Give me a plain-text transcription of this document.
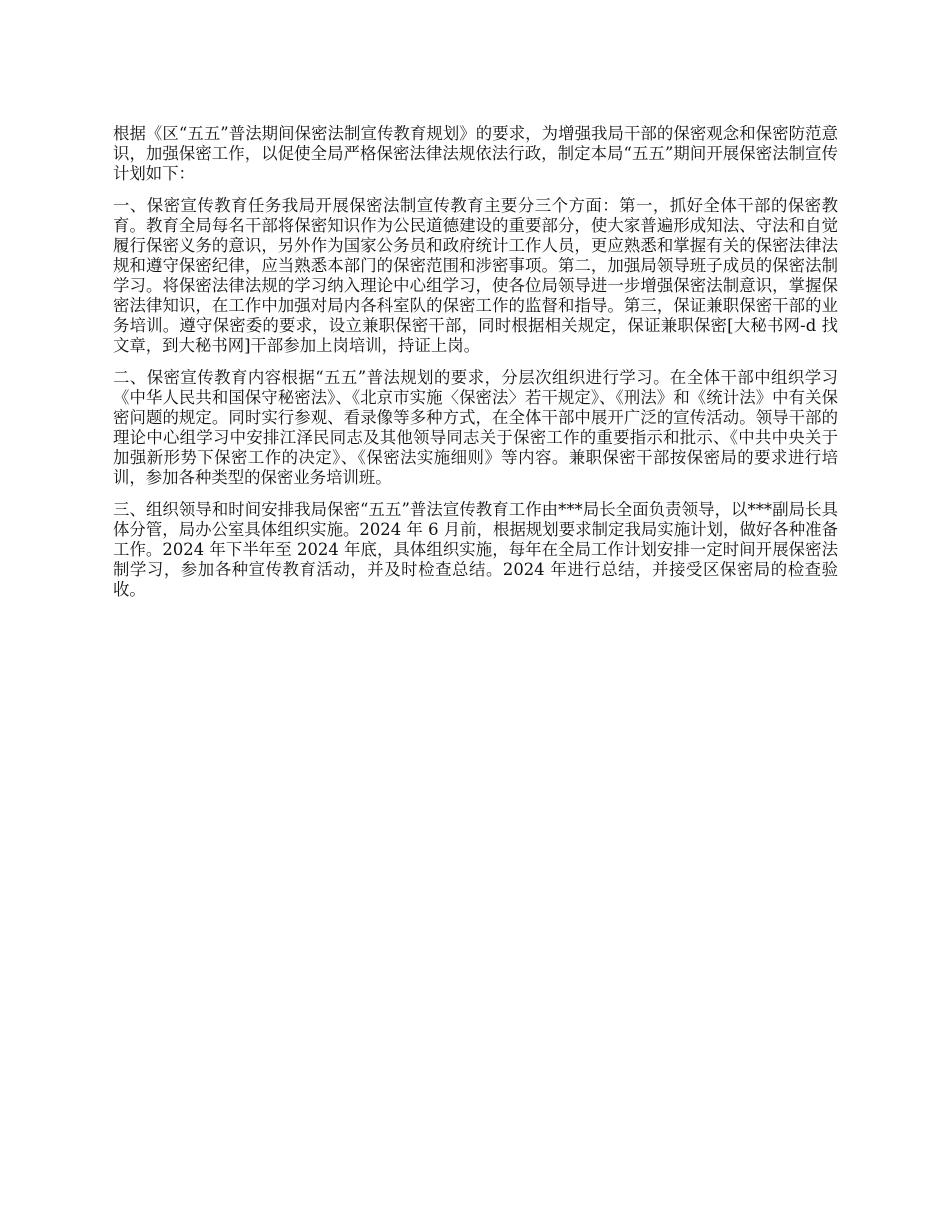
根据《区“五五”普法期间保密法制宣传教育规划》的要求，为增强我局干部的保密观念和保密防范意识，加强保密工作，以促使全局严格保密法律法规依法行政，制定本局“五五”期间开展保密法制宣传计划如下：

一、保密宣传教育任务我局开展保密法制宣传教育主要分三个方面：第一，抓好全体干部的保密教育。教育全局每名干部将保密知识作为公民道德建设的重要部分，使大家普遍形成知法、守法和自觉履行保密义务的意识，另外作为国家公务员和政府统计工作人员，更应熟悉和掌握有关的保密法律法规和遵守保密纪律，应当熟悉本部门的保密范围和涉密事项。第二，加强局领导班子成员的保密法制学习。将保密法律法规的学习纳入理论中心组学习，使各位局领导进一步增强保密法制意识，掌握保密法律知识，在工作中加强对局内各科室队的保密工作的监督和指导。第三，保证兼职保密干部的业务培训。遵守保密委的要求，设立兼职保密干部，同时根据相关规定，保证兼职保密[大秘书网-d 找文章，到大秘书网]干部参加上岗培训，持证上岗。

二、保密宣传教育内容根据“五五”普法规划的要求，分层次组织进行学习。在全体干部中组织学习《中华人民共和国保守秘密法》、《北京市实施〈保密法〉若干规定》、《刑法》和《统计法》中有关保密问题的规定。同时实行参观、看录像等多种方式，在全体干部中展开广泛的宣传活动。领导干部的理论中心组学习中安排江泽民同志及其他领导同志关于保密工作的重要指示和批示、《中共中央关于加强新形势下保密工作的决定》、《保密法实施细则》等内容。兼职保密干部按保密局的要求进行培训，参加各种类型的保密业务培训班。

三、组织领导和时间安排我局保密“五五”普法宣传教育工作由***局长全面负责领导，以***副局长具体分管，局办公室具体组织实施。2024 年 6 月前，根据规划要求制定我局实施计划，做好各种准备工作。2024 年下半年至 2024 年底，具体组织实施，每年在全局工作计划安排一定时间开展保密法制学习，参加各种宣传教育活动，并及时检查总结。2024 年进行总结，并接受区保密局的检查验收。
